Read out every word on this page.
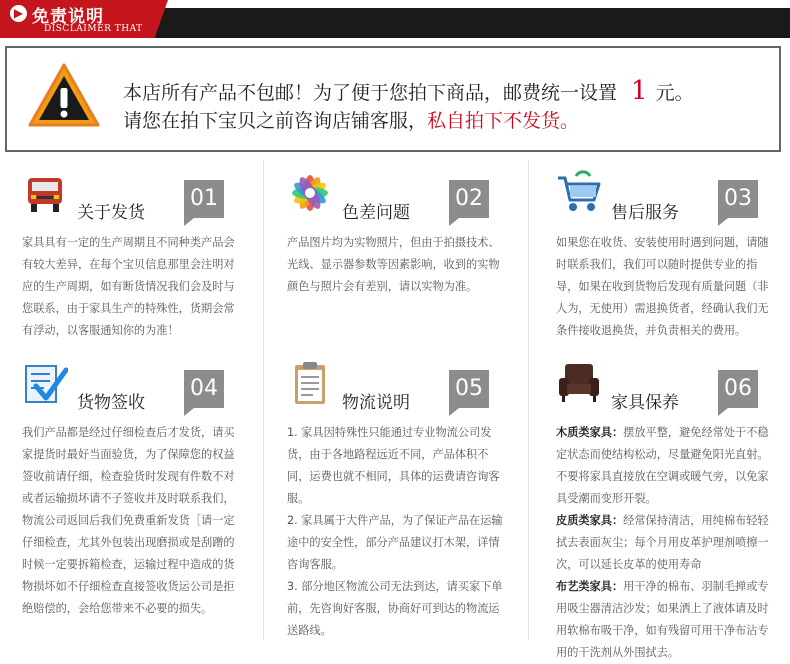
▶ 免责说明
DISCLAIMER THAT
本店所有产品不包邮！为了便于您拍下商品，邮费统一设置 1 元。
请您在拍下宝贝之前咨询店铺客服，私自拍下不发货。
关于发货
01

家具具有一定的生产周期且不同种类产品会有较大差异，在每个宝贝信息那里会注明对应的生产周期，如有断货情况我们会及时与您联系，由于家具生产的特殊性，货期会常有浮动，以客服通知你的为准！

色差问题
02

产品图片均为实物照片，但由于拍摄技术、光线、显示器参数等因素影响，收到的实物颜色与照片会有差别，请以实物为准。

售后服务
03

如果您在收货、安装使用时遇到问题，请随时联系我们，我们可以随时提供专业的指导，如果在收到货物后发现有质量问题（非人为，无使用）需退换货者，经确认我们无条件接收退换货，并负责相关的费用。

货物签收
04

我们产品都是经过仔细检查后才发货，请买家提货时最好当面验货，为了保障您的权益签收前请仔细，检查验货时发现有件数不对或者运输损坏请不子签收并及时联系我们，物流公司返回后我们免费重新发货［请一定仔细检查，尤其外包装出现磨损或是刮蹭的时候一定要拆箱检查，运输过程中造成的货物损坏如不仔细检查直接签收货运公司是拒绝赔偿的，会给您带来不必要的损失。

物流说明
05

1. 家具因特殊性只能通过专业物流公司发货，由于各地路程远近不同，产品体积不同，运费也就不相同，具体的运费请咨询客服。

2. 家具属于大件产品，为了保证产品在运输途中的安全性，部分产品建议打木架，详情咨询客服。

3. 部分地区物流公司无法到达，请买家下单前，先咨询好客服，协商好可到达的物流运送路线。

家具保养
06

木质类家具：摆放平整，避免经常处于不稳定状态而使结构松动，尽量避免阳光直射。不要将家具直接放在空调或暖气旁，以免家具受潮而变形开裂。

皮质类家具：经常保持清洁，用纯棉布轻轻拭去表面灰尘；每个月用皮革护理剂喷擦一次，可以延长皮革的使用寿命

布艺类家具：用干净的棉布、羽制毛掸或专用吸尘器清洁沙发；如果洒上了液体请及时用软棉布吸干净，如有残留可用干净布沾专用的干洗剂从外围拭去。
